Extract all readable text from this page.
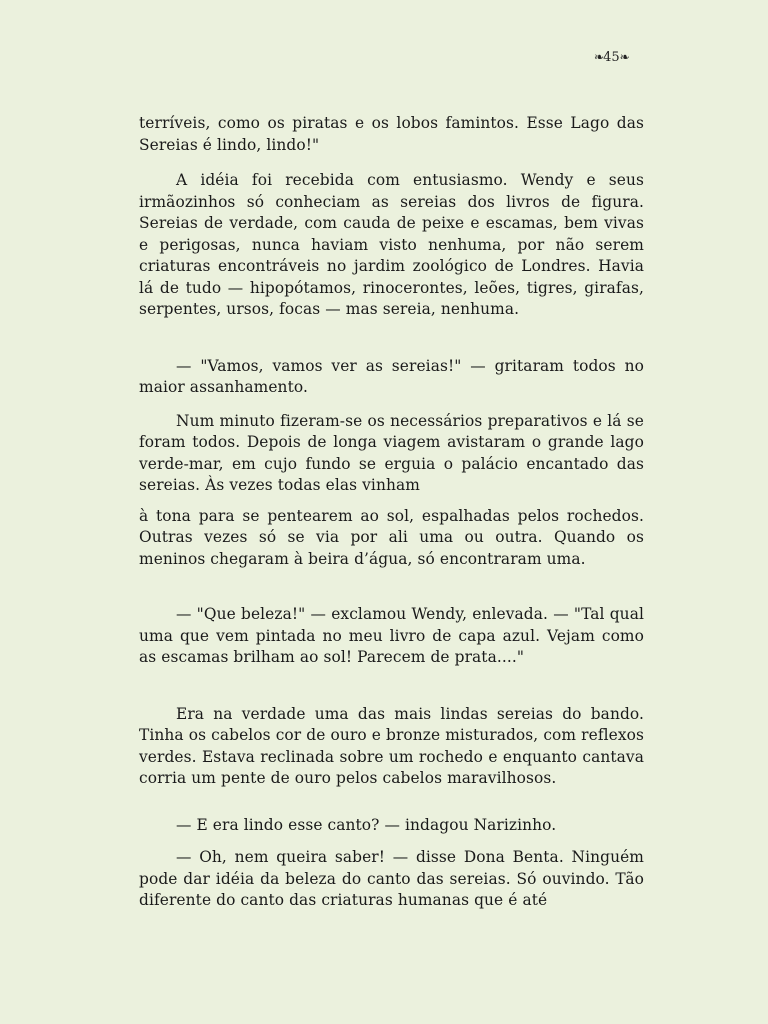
❧45❧

terríveis, como os piratas e os lobos famintos. Esse Lago das Sereias é lindo, lindo!"

A idéia foi recebida com entusiasmo. Wendy e seus irmãozinhos só conheciam as sereias dos livros de figura. Sereias de verdade, com cauda de peixe e escamas, bem vivas e perigosas, nunca haviam visto nenhuma, por não serem criaturas encontráveis no jardim zoológico de Londres. Havia lá de tudo — hipopótamos, rinocerontes, leões, tigres, girafas, serpentes, ursos, focas — mas sereia, nenhuma.

— "Vamos, vamos ver as sereias!" — gritaram todos no maior assanhamento.

Num minuto fizeram-se os necessários preparativos e lá se foram todos. Depois de longa viagem avistaram o grande lago verde-mar, em cujo fundo se erguia o palácio encantado das sereias. Às vezes todas elas vinham

à tona para se pentearem ao sol, espalhadas pelos rochedos. Outras vezes só se via por ali uma ou outra. Quando os meninos chegaram à beira d’água, só encontraram uma.

— "Que beleza!" — exclamou Wendy, enlevada. — "Tal qual uma que vem pintada no meu livro de capa azul. Vejam como as escamas brilham ao sol! Parecem de prata...."

Era na verdade uma das mais lindas sereias do bando. Tinha os cabelos cor de ouro e bronze misturados, com reflexos verdes. Estava reclinada sobre um rochedo e enquanto cantava corria um pente de ouro pelos cabelos maravilhosos.

— E era lindo esse canto? — indagou Narizinho.

— Oh, nem queira saber! — disse Dona Benta. Ninguém pode dar idéia da beleza do canto das sereias. Só ouvindo. Tão diferente do canto das criaturas humanas que é até
